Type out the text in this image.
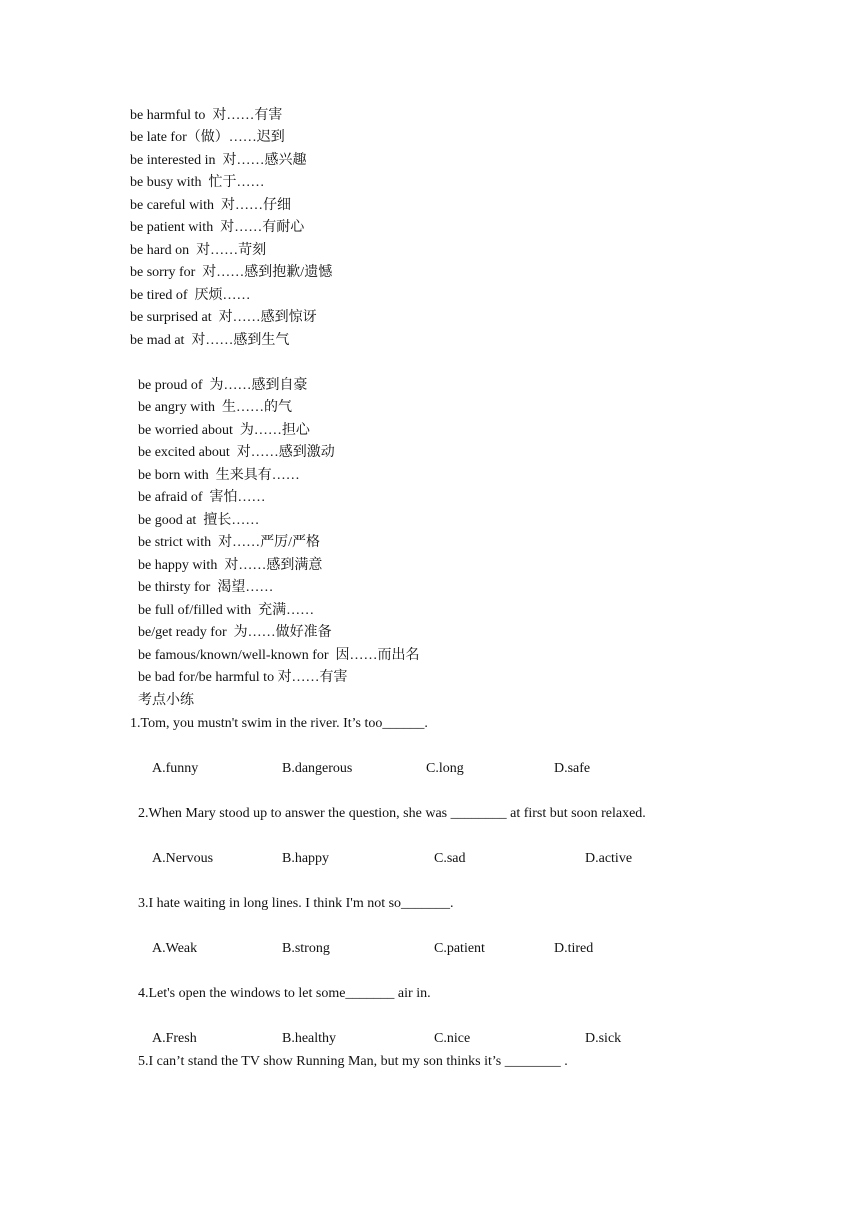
be harmful to  对……有害
be late for（做）……迟到
be interested in  对……感兴趣
be busy with  忙于……
be careful with  对……仔细
be patient with  对……有耐心
be hard on  对……苛刻
be sorry for  对……感到抱歉/遗憾
be tired of  厌烦……
be surprised at  对……感到惊讶
be mad at  对……感到生气
be proud of  为……感到自豪
be angry with  生……的气
be worried about  为……担心
be excited about  对……感到激动
be born with  生来具有……
be afraid of  害怕……
be good at  擅长……
be strict with  对……严厉/严格
be happy with  对……感到满意
be thirsty for  渴望……
be full of/filled with  充满……
be/get ready for  为……做好准备
be famous/known/well-known for  因……而出名
be bad for/be harmful to 对……有害
考点小练
1.Tom, you mustn't swim in the river. It’s too______.
A.funny	B.dangerous	C.long	D.safe
2.When Mary stood up to answer the question, she was ________ at first but soon relaxed.
A.Nervous	B.happy	C.sad	D.active
3.I hate waiting in long lines. I think I'm not so_______.
A.Weak	B.strong	C.patient	D.tired
4.Let's open the windows to let some_______ air in.
A.Fresh	B.healthy	C.nice	D.sick
5.I can’t stand the TV show Running Man, but my son thinks it’s ________ .
